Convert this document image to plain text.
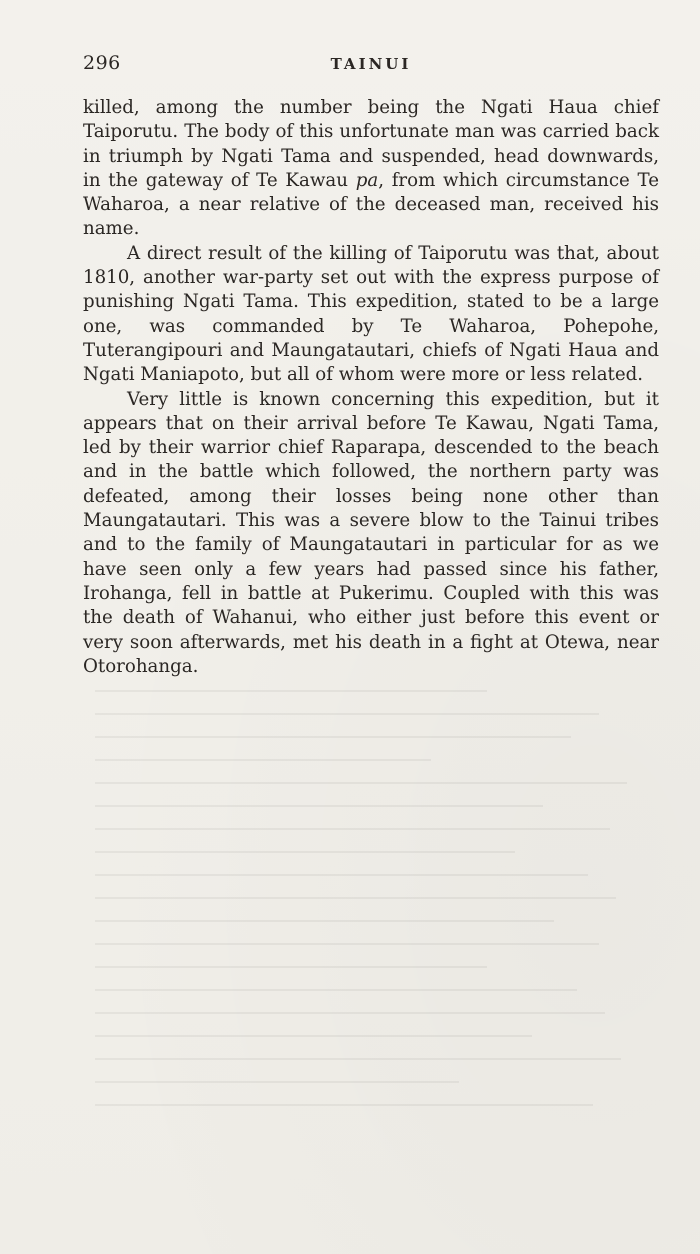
296	TAINUI

killed, among the number being the Ngati Haua chief Taiporutu. The body of this unfortunate man was carried back in triumph by Ngati Tama and suspended, head downwards, in the gateway of Te Kawau pa, from which circumstance Te Waharoa, a near relative of the deceased man, received his name.

A direct result of the killing of Taiporutu was that, about 1810, another war-party set out with the express purpose of punishing Ngati Tama. This expedition, stated to be a large one, was commanded by Te Waharoa, Pohepohe, Tuterangipouri and Maungatautari, chiefs of Ngati Haua and Ngati Maniapoto, but all of whom were more or less related.

Very little is known concerning this expedition, but it appears that on their arrival before Te Kawau, Ngati Tama, led by their warrior chief Raparapa, descended to the beach and in the battle which followed, the northern party was defeated, among their losses being none other than Maungatautari. This was a severe blow to the Tainui tribes and to the family of Maungatautari in particular for as we have seen only a few years had passed since his father, Irohanga, fell in battle at Pukerimu. Coupled with this was the death of Wahanui, who either just before this event or very soon afterwards, met his death in a fight at Otewa, near Otorohanga.
